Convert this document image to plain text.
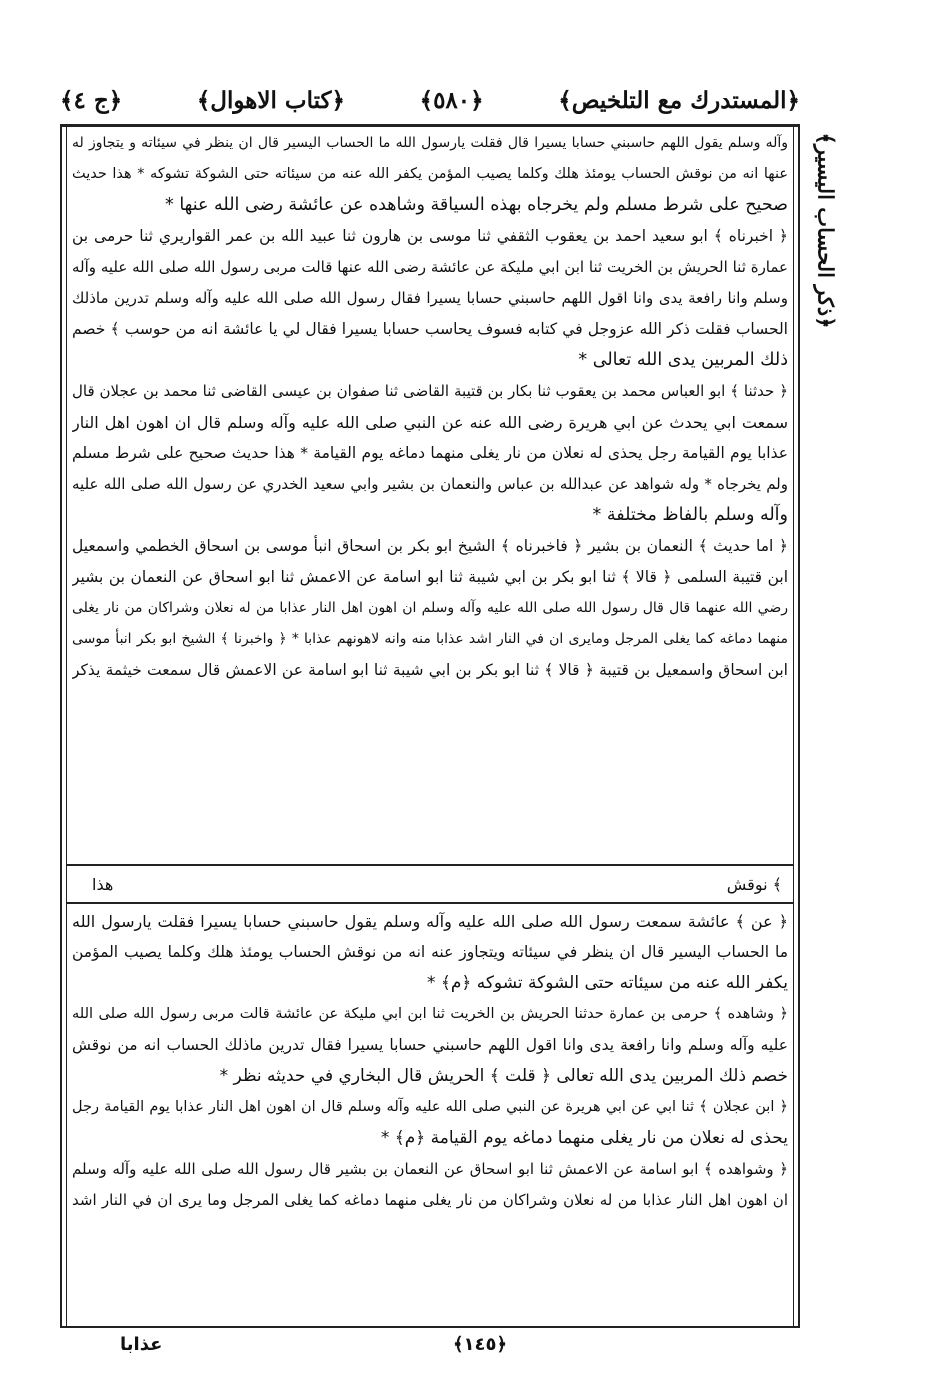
﴿المستدرك مع التلخيص﴾
﴿٥٨٠﴾
﴿كتاب الاهوال﴾
﴿ج ٤﴾
﴿ذكر الحساب اليسير﴾
وآله وسلم يقول اللهم حاسبني حسابا يسيرا قال فقلت يارسول الله ما الحساب اليسير قال ان ينظر في سيئاته و يتجاوز له
عنها انه من نوقش الحساب يومئذ هلك وكلما يصيب المؤمن يكفر الله عنه من سيئاته حتى الشوكة تشوكه * هذا حديث
صحيح على شرط مسلم ولم يخرجاه بهذه السياقة وشاهده عن عائشة رضى الله عنها *
﴿ اخبرناه ﴾ ابو سعيد احمد بن يعقوب الثقفي ثنا موسى بن هارون ثنا عبيد الله بن عمر القواريري ثنا حرمى بن
عمارة ثنا الحريش بن الخريت ثنا ابن ابي مليكة عن عائشة رضى الله عنها قالت مربى رسول الله صلى الله عليه وآله
وسلم وانا رافعة يدى وانا اقول اللهم حاسبني حسابا يسيرا فقال رسول الله صلى الله عليه وآله وسلم تدرين ماذلك
الحساب فقلت ذكر الله عزوجل في كتابه فسوف يحاسب حسابا يسيرا فقال لي يا عائشة انه من حوسب ﴾ خصم
ذلك المربين يدى الله تعالى *
﴿ حدثنا ﴾ ابو العباس محمد بن يعقوب ثنا بكار بن قتيبة القاضى ثنا صفوان بن عيسى القاضى ثنا محمد بن عجلان قال
سمعت ابي يحدث عن ابي هريرة رضى الله عنه عن النبي صلى الله عليه وآله وسلم قال ان اهون اهل النار
عذابا يوم القيامة رجل يحذى له نعلان من نار يغلى منهما دماغه يوم القيامة * هذا حديث صحيح على شرط مسلم
ولم يخرجاه * وله شواهد عن عبدالله بن عباس والنعمان بن بشير وابي سعيد الخدري عن رسول الله صلى الله عليه
وآله وسلم بالفاظ مختلفة *
﴿ اما حديث ﴾ النعمان بن بشير ﴿ فاخبرناه ﴾ الشيخ ابو بكر بن اسحاق انبأ موسى بن اسحاق الخطمي واسمعيل
ابن قتيبة السلمى ﴿ قالا ﴾ ثنا ابو بكر بن ابي شيبة ثنا ابو اسامة عن الاعمش ثنا ابو اسحاق عن النعمان بن بشير
رضي الله عنهما قال قال رسول الله صلى الله عليه وآله وسلم ان اهون اهل النار عذابا من له نعلان وشراكان من نار يغلى
منهما دماغه كما يغلى المرجل ومايرى ان في النار اشد عذابا منه وانه لاهونهم عذابا * ﴿ واخبرنا ﴾ الشيخ ابو بكر انبأ موسى
ابن اسحاق واسمعيل بن قتيبة ﴿ قالا ﴾ ثنا ابو بكر بن ابي شيبة ثنا ابو اسامة عن الاعمش قال سمعت خيثمة يذكر
﴾ نوقش
هذا
﴿ عن ﴾ عائشة سمعت رسول الله صلى الله عليه وآله وسلم يقول حاسبني حسابا يسيرا فقلت يارسول الله
ما الحساب اليسير قال ان ينظر في سيئاته ويتجاوز عنه انه من نوقش الحساب يومئذ هلك وكلما يصيب المؤمن
يكفر الله عنه من سيئاته حتى الشوكة تشوكه ﴿م﴾ *
﴿ وشاهده ﴾ حرمى بن عمارة حدثنا الحريش بن الخريت ثنا ابن ابي مليكة عن عائشة قالت مربى رسول الله صلى الله
عليه وآله وسلم وانا رافعة يدى وانا اقول اللهم حاسبني حسابا يسيرا فقال تدرين ماذلك الحساب انه من نوقش
خصم ذلك المربين يدى الله تعالى ﴿ قلت ﴾ الحريش قال البخاري في حديثه نظر *
﴿ ابن عجلان ﴾ ثنا ابي عن ابي هريرة عن النبي صلى الله عليه وآله وسلم قال ان اهون اهل النار عذابا يوم القيامة رجل
يحذى له نعلان من نار يغلى منهما دماغه يوم القيامة ﴿م﴾ *
﴿ وشواهده ﴾ ابو اسامة عن الاعمش ثنا ابو اسحاق عن النعمان بن بشير قال رسول الله صلى الله عليه وآله وسلم
ان اهون اهل النار عذابا من له نعلان وشراكان من نار يغلى منهما دماغه كما يغلى المرجل وما يرى ان في النار اشد
﴿١٤٥﴾
عذابا
